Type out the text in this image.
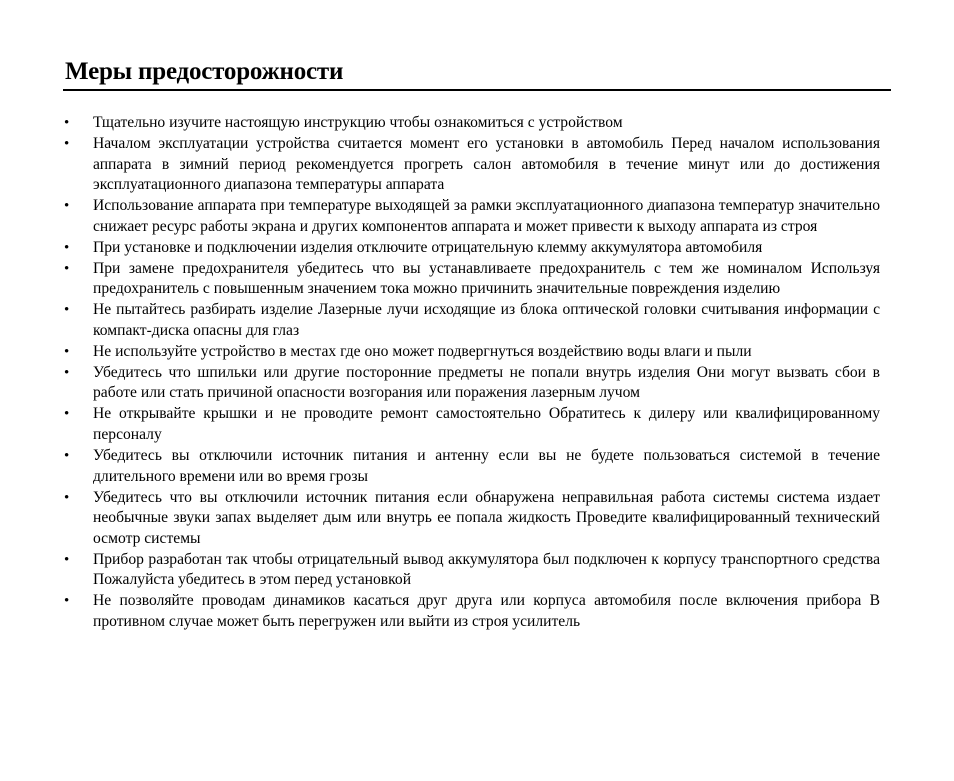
Меры предосторожности
• Тщательно изучите настоящую инструкцию чтобы ознакомиться с устройством
• Началом эксплуатации устройства считается момент его установки в автомобиль Перед началом использования аппарата в зимний период рекомендуется прогреть салон автомобиля в течение минут или до достижения эксплуатационного диапазона температуры аппарата
• Использование аппарата при температуре выходящей за рамки эксплуатационного диапазона температур значительно снижает ресурс работы экрана и других компонентов аппарата и может привести к выходу аппарата из строя
• При установке и подключении изделия отключите отрицательную клемму аккумулятора автомобиля
• При замене предохранителя убедитесь что вы устанавливаете предохранитель с тем же номиналом Используя предохранитель с повышенным значением тока можно причинить значительные повреждения изделию
• Не пытайтесь разбирать изделие Лазерные лучи исходящие из блока оптической головки считывания информации с компакт-диска опасны для глаз
• Не используйте устройство в местах где оно может подвергнуться воздействию воды влаги и пыли
• Убедитесь что шпильки или другие посторонние предметы не попали внутрь изделия Они могут вызвать сбои в работе или стать причиной опасности возгорания или поражения лазерным лучом
• Не открывайте крышки и не проводите ремонт самостоятельно Обратитесь к дилеру или квалифицированному персоналу
• Убедитесь вы отключили источник питания и антенну если вы не будете пользоваться системой в течение длительного времени или во время грозы
• Убедитесь что вы отключили источник питания если обнаружена неправильная работа системы система издает необычные звуки запах выделяет дым или внутрь ее попала жидкость Проведите квалифицированный технический осмотр системы
• Прибор разработан так чтобы отрицательный вывод аккумулятора был подключен к корпусу транспортного средства Пожалуйста убедитесь в этом перед установкой
• Не позволяйте проводам динамиков касаться друг друга или корпуса автомобиля после включения прибора В противном случае может быть перегружен или выйти из строя усилитель
